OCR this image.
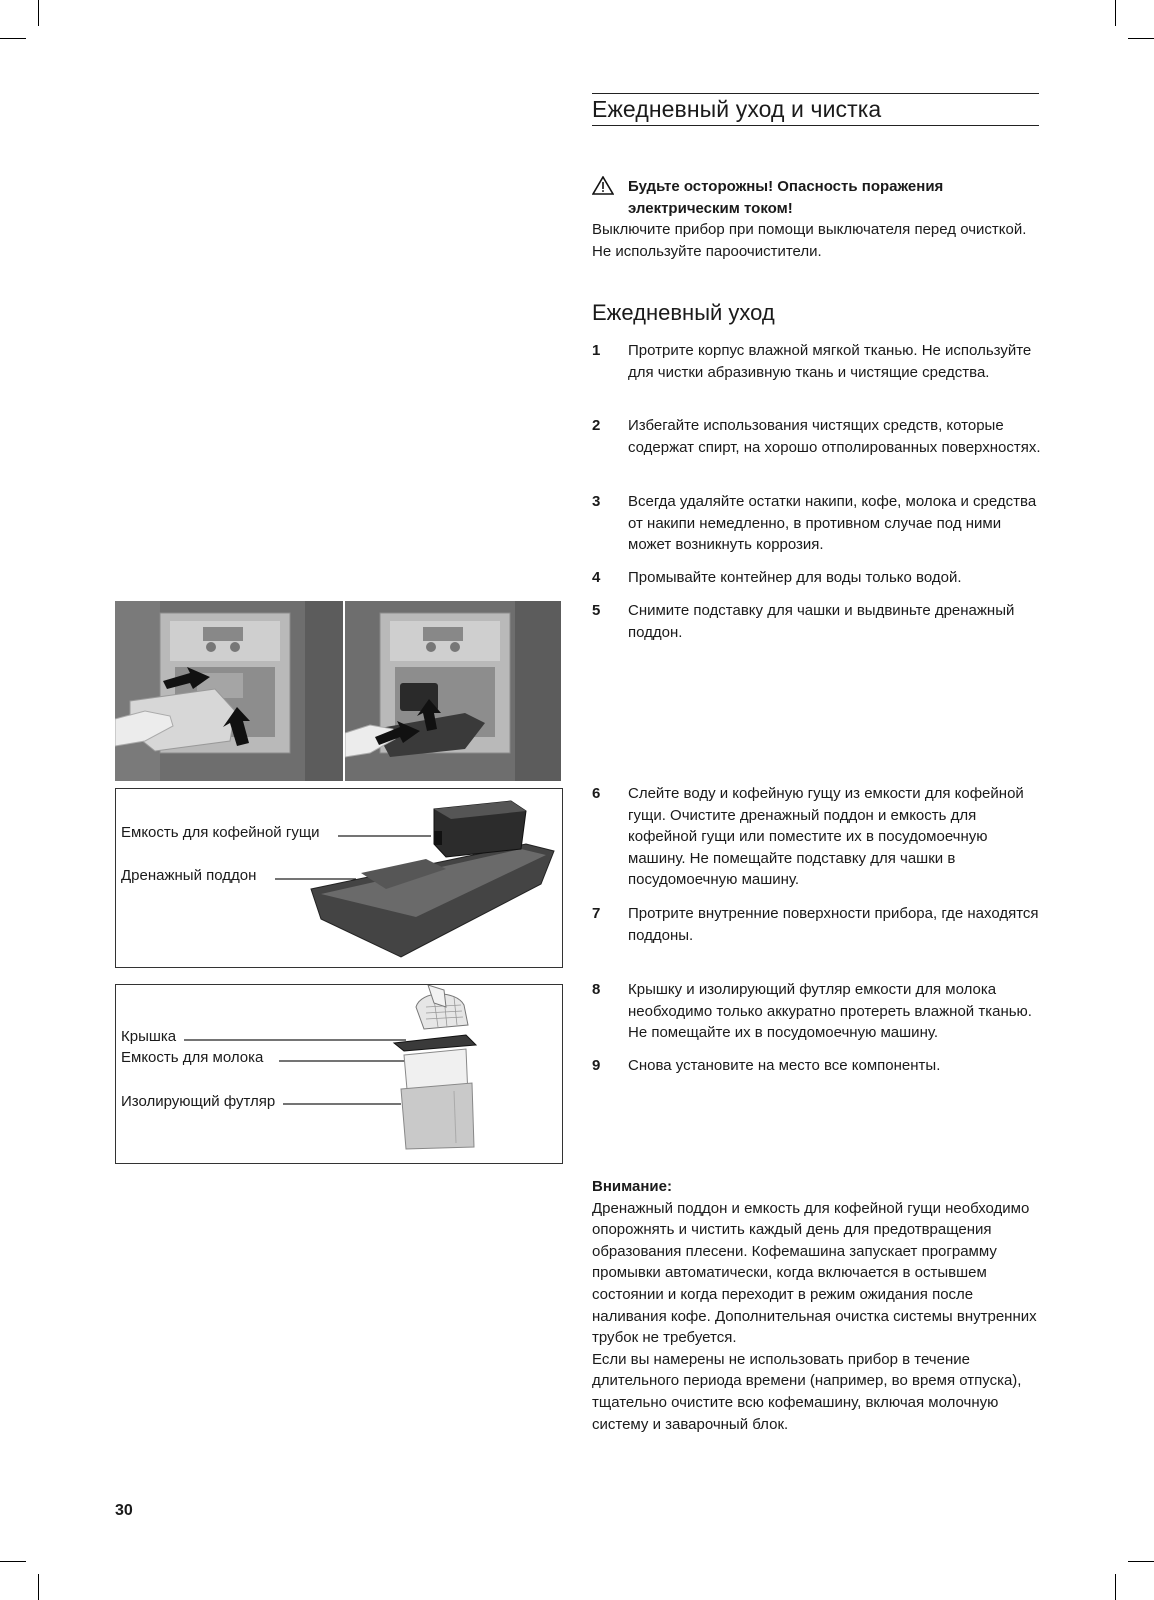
Ежедневный уход и чистка
Будьте осторожны! Опасность поражения электрическим током!
Выключите прибор при помощи выключателя перед очисткой.
Не используйте пароочистители.
Ежедневный уход
1	Протрите корпус влажной мягкой тканью. Не используйте для чистки абразивную ткань и чистящие средства.
2	Избегайте использования чистящих средств, которые содержат спирт, на хорошо отполированных поверхностях.
3	Всегда удаляйте остатки накипи, кофе, молока и средства от накипи немедленно, в противном случае под ними может возникнуть коррозия.
4	Промывайте контейнер для воды только водой.
5	Снимите подставку для чашки и выдвиньте дренажный поддон.
6	Слейте воду и кофейную гущу из емкости для кофейной гущи. Очистите дренажный поддон и емкость для кофейной гущи или поместите их в посудомоечную машину. Не помещайте подставку для чашки в посудомоечную машину.
7	Протрите внутренние поверхности прибора, где находятся поддоны.
8	Крышку и изолирующий футляр емкости для молока необходимо только аккуратно протереть влажной тканью. Не помещайте их в посудомоечную машину.
9	Снова установите на место все компоненты.
Емкость для кофейной гущи
Дренажный поддон
Крышка
Емкость для молока
Изолирующий футляр
Внимание:
Дренажный поддон и емкость для кофейной гущи необходимо опорожнять и чистить каждый день для предотвращения образования плесени. Кофемашина запускает программу промывки автоматически, когда включается в остывшем состоянии и когда переходит в режим ожидания после наливания кофе. Дополнительная очистка системы внутренних трубок не требуется.
Если вы намерены не использовать прибор в течение длительного периода времени (например, во время отпуска), тщательно очистите всю кофемашину, включая молочную систему и заварочный блок.
30
